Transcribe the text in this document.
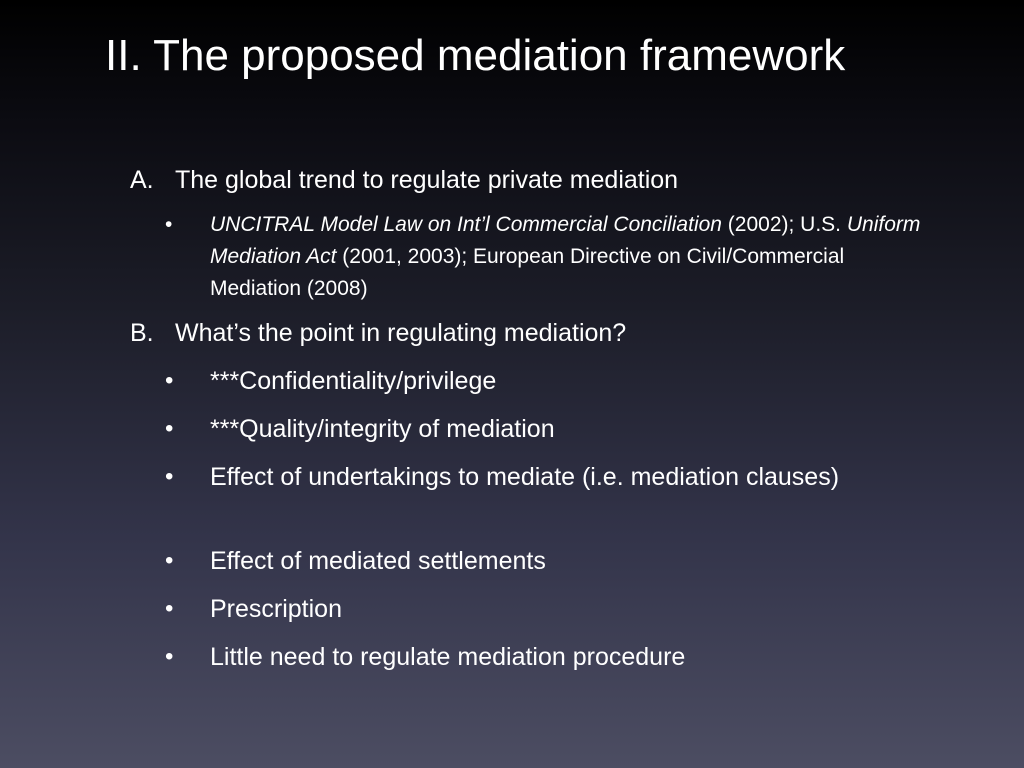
II. The proposed mediation framework
A. The global trend to regulate private mediation
• UNCITRAL Model Law on Int’l Commercial Conciliation (2002); U.S. Uniform Mediation Act (2001, 2003); European Directive on Civil/Commercial Mediation (2008)
B. What’s the point in regulating mediation?
• ***Confidentiality/privilege
• ***Quality/integrity of mediation
• Effect of undertakings to mediate (i.e. mediation clauses)
• Effect of mediated settlements
• Prescription
• Little need to regulate mediation procedure
